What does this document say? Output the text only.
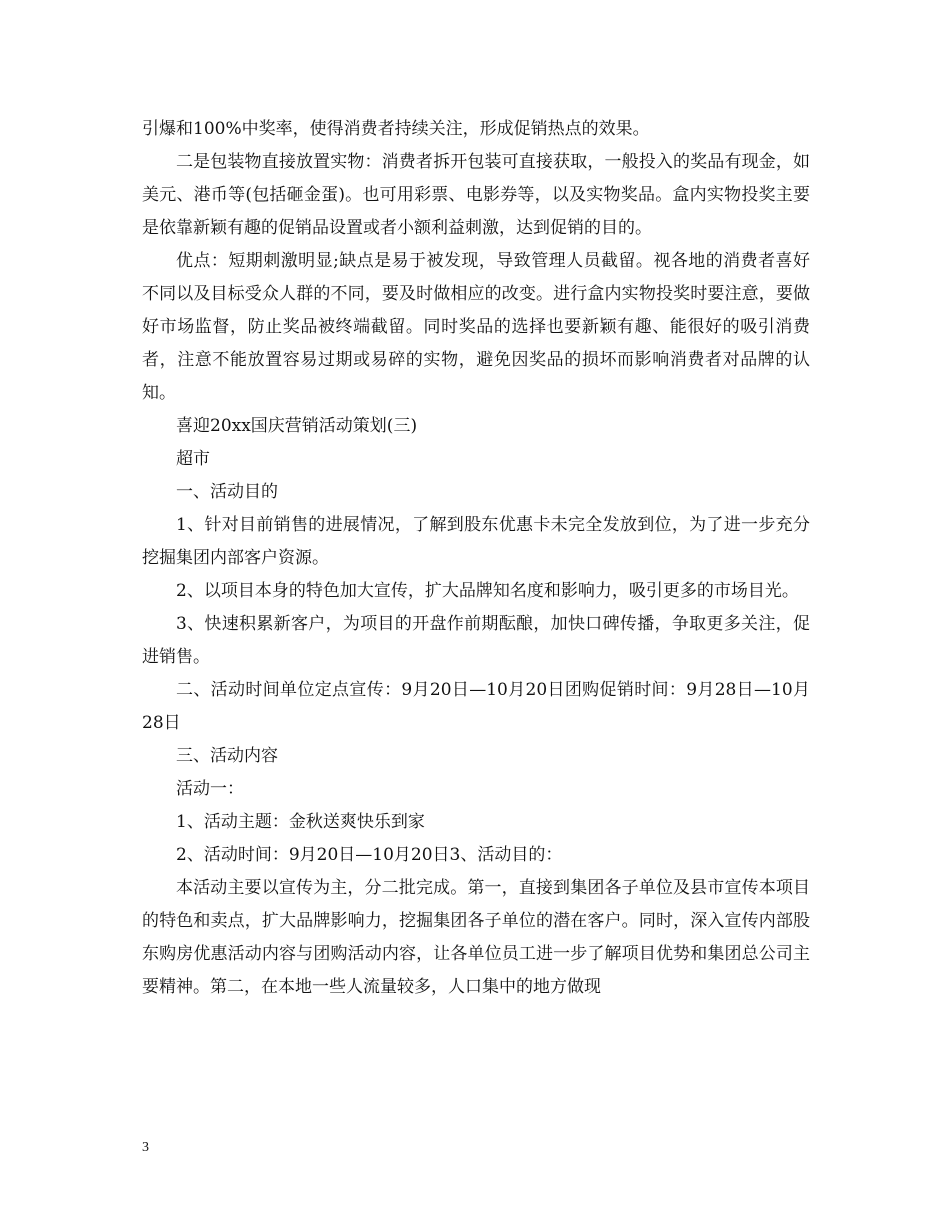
引爆和100%中奖率，使得消费者持续关注，形成促销热点的效果。

二是包装物直接放置实物：消费者拆开包装可直接获取，一般投入的奖品有现金，如美元、港币等(包括砸金蛋)。也可用彩票、电影券等，以及实物奖品。盒内实物投奖主要是依靠新颖有趣的促销品设置或者小额利益刺激，达到促销的目的。

优点：短期刺激明显;缺点是易于被发现，导致管理人员截留。视各地的消费者喜好不同以及目标受众人群的不同，要及时做相应的改变。进行盒内实物投奖时要注意，要做好市场监督，防止奖品被终端截留。同时奖品的选择也要新颖有趣、能很好的吸引消费者，注意不能放置容易过期或易碎的实物，避免因奖品的损坏而影响消费者对品牌的认知。

喜迎20xx国庆营销活动策划(三)

超市

一、活动目的

1、针对目前销售的进展情况，了解到股东优惠卡未完全发放到位，为了进一步充分挖掘集团内部客户资源。

2、以项目本身的特色加大宣传，扩大品牌知名度和影响力，吸引更多的市场目光。

3、快速积累新客户，为项目的开盘作前期酝酿，加快口碑传播，争取更多关注，促进销售。

二、活动时间单位定点宣传：9月20日—10月20日团购促销时间：9月28日—10月28日

三、活动内容

活动一：

1、活动主题：金秋送爽快乐到家

2、活动时间：9月20日—10月20日3、活动目的：

本活动主要以宣传为主，分二批完成。第一，直接到集团各子单位及县市宣传本项目的特色和卖点，扩大品牌影响力，挖掘集团各子单位的潜在客户。同时，深入宣传内部股东购房优惠活动内容与团购活动内容，让各单位员工进一步了解项目优势和集团总公司主要精神。第二，在本地一些人流量较多，人口集中的地方做现

3
